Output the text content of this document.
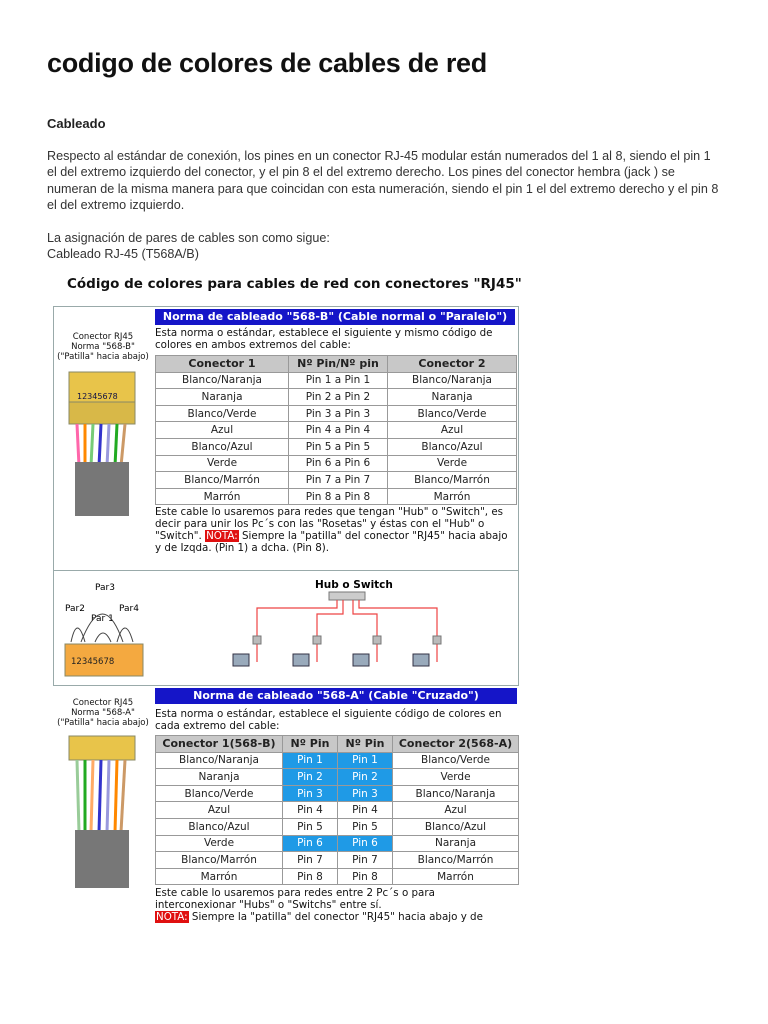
codigo de colores de cables de red
Cableado
Respecto al estándar de conexión, los pines en un conector RJ-45 modular están numerados del 1 al 8, siendo el pin 1 el del extremo izquierdo del conector, y el pin 8 el del extremo derecho. Los pines del conector hembra (jack ) se numeran de la misma manera para que coincidan con esta numeración, siendo el pin 1 el del extremo derecho y el pin 8 el del extremo izquierdo.
La asignación de pares de cables son como sigue:
Cableado RJ-45 (T568A/B)
Código de colores para cables de red con conectores "RJ45"
Conector RJ45
Norma "568-B"
("Patilla" hacia abajo)
12345678
Norma de cableado "568-B" (Cable normal o "Paralelo")
Esta norma o estándar, establece el siguiente y mismo código de colores en ambos extremos del cable:
Conector 1	Nº Pin/Nº pin	Conector 2
Blanco/Naranja	Pin 1 a Pin 1	Blanco/Naranja
Naranja	Pin 2 a Pin 2	Naranja
Blanco/Verde	Pin 3 a Pin 3	Blanco/Verde
Azul	Pin 4 a Pin 4	Azul
Blanco/Azul	Pin 5 a Pin 5	Blanco/Azul
Verde	Pin 6 a Pin 6	Verde
Blanco/Marrón	Pin 7 a Pin 7	Blanco/Marrón
Marrón	Pin 8 a Pin 8	Marrón
Este cable lo usaremos para redes que tengan "Hub" o "Switch", es decir para unir los Pc´s con las "Rosetas" y éstas con el "Hub" o "Switch". NOTA: Siempre la "patilla" del conector "RJ45" hacia abajo y de Izqda. (Pin 1) a dcha. (Pin 8).
Par3
Par2	Par4
Par 1
12345678
Hub o Switch
Conector RJ45
Norma "568-A"
("Patilla" hacia abajo)
Norma de cableado "568-A" (Cable "Cruzado")
Esta norma o estándar, establece el siguiente código de colores en cada extremo del cable:
Conector 1(568-B)	Nº Pin	Nº Pin	Conector 2(568-A)
Blanco/Naranja	Pin 1	Pin 1	Blanco/Verde
Naranja	Pin 2	Pin 2	Verde
Blanco/Verde	Pin 3	Pin 3	Blanco/Naranja
Azul	Pin 4	Pin 4	Azul
Blanco/Azul	Pin 5	Pin 5	Blanco/Azul
Verde	Pin 6	Pin 6	Naranja
Blanco/Marrón	Pin 7	Pin 7	Blanco/Marrón
Marrón	Pin 8	Pin 8	Marrón
Este cable lo usaremos para redes entre 2 Pc´s o para interconexionar "Hubs" o "Switchs" entre sí.
NOTA: Siempre la "patilla" del conector "RJ45" hacia abajo y de
